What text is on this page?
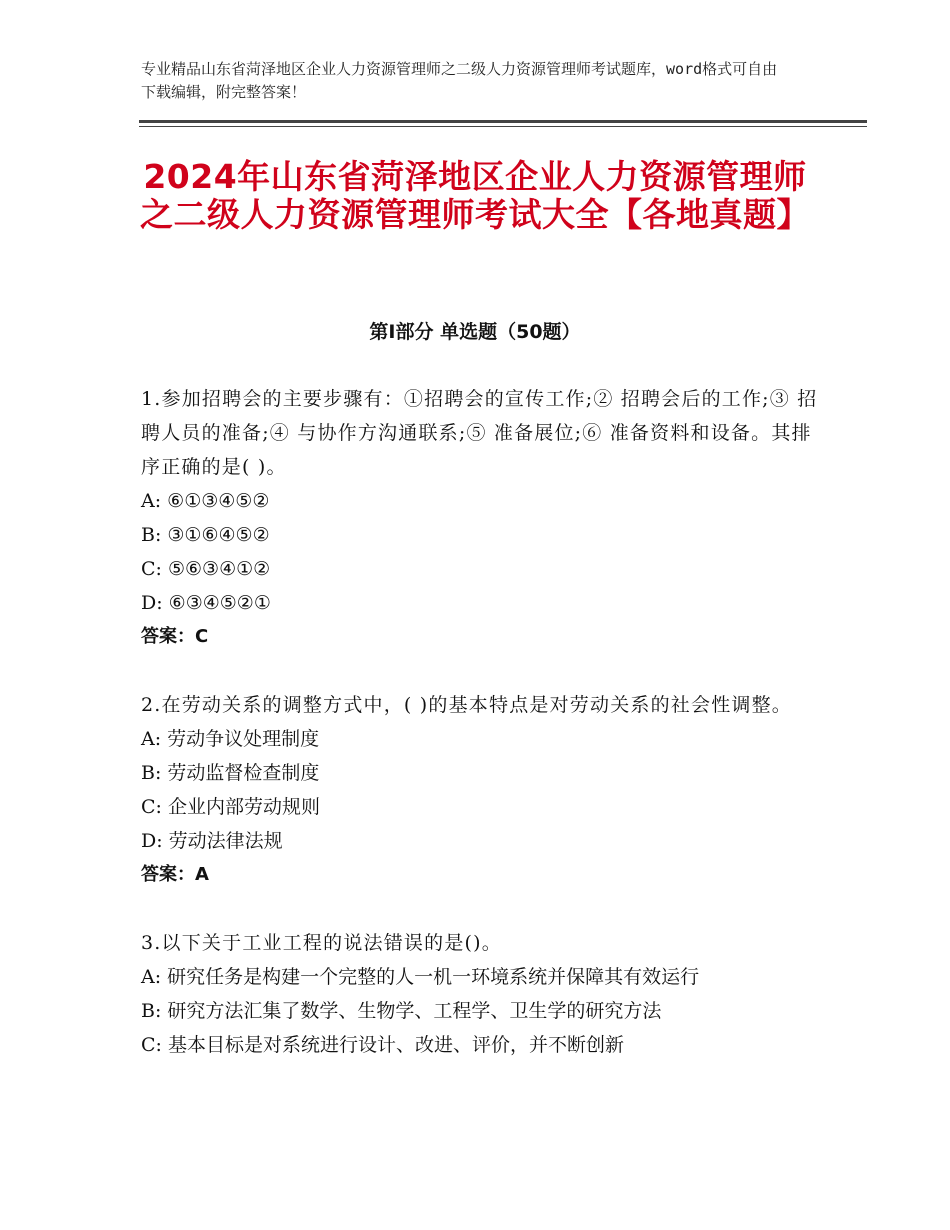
专业精品山东省菏泽地区企业人力资源管理师之二级人力资源管理师考试题库，word格式可自由下载编辑，附完整答案！
2024年山东省菏泽地区企业人力资源管理师之二级人力资源管理师考试大全【各地真题】
第Ⅰ部分 单选题（50题）
1.参加招聘会的主要步骤有：①招聘会的宣传工作;② 招聘会后的工作;③ 招聘人员的准备;④ 与协作方沟通联系;⑤ 准备展位;⑥ 准备资料和设备。其排序正确的是( )。
A: ⑥①③④⑤②
B: ③①⑥④⑤②
C: ⑤⑥③④①②
D: ⑥③④⑤②①
答案：C
2.在劳动关系的调整方式中，( )的基本特点是对劳动关系的社会性调整。
A: 劳动争议处理制度
B: 劳动监督检查制度
C: 企业内部劳动规则
D: 劳动法律法规
答案：A
3.以下关于工业工程的说法错误的是()。
A: 研究任务是构建一个完整的人一机一环境系统并保障其有效运行
B: 研究方法汇集了数学、生物学、工程学、卫生学的研究方法
C: 基本目标是对系统进行设计、改进、评价，并不断创新
